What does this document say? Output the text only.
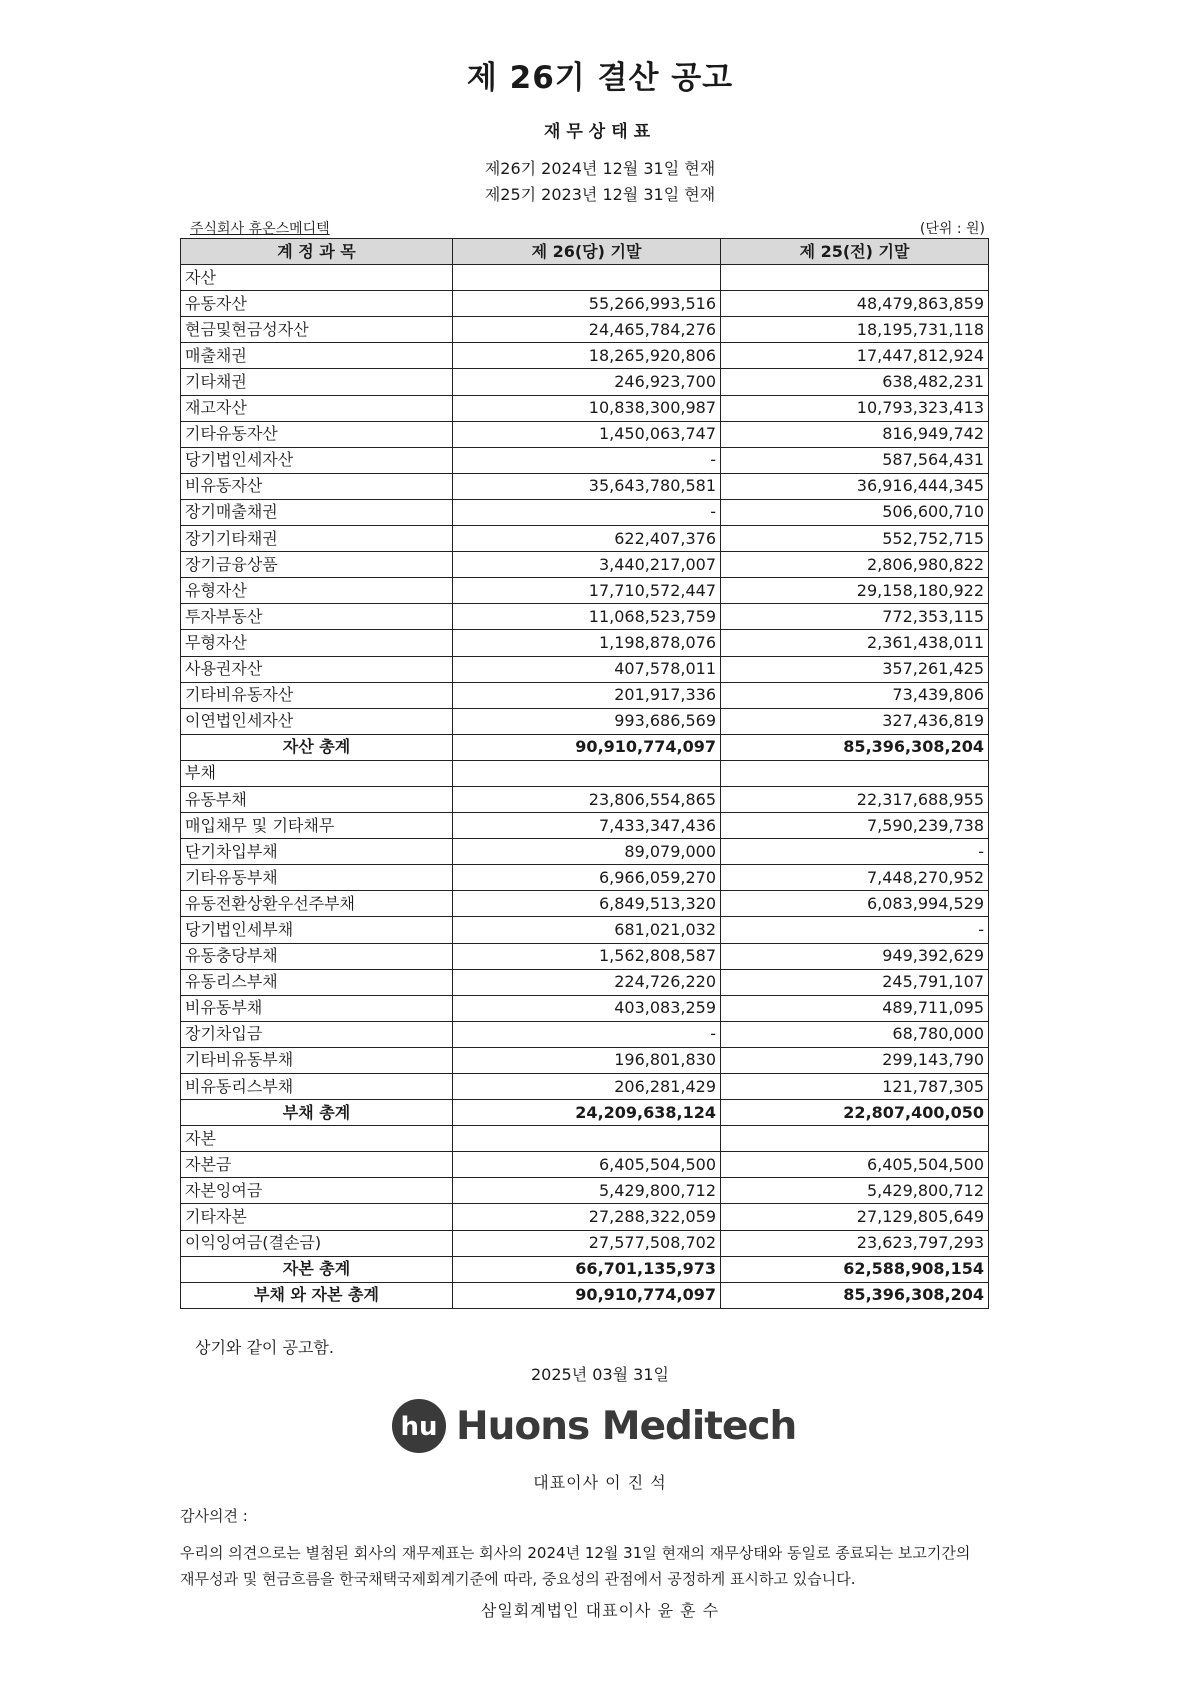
제 26기 결산 공고
재무상태표
제26기 2024년 12월 31일 현재
제25기 2023년 12월 31일 현재
주식회사 휴온스메디텍	(단위 : 원)
계 정 과 목	제 26(당) 기말	제 25(전) 기말
자산		
유동자산	55,266,993,516	48,479,863,859
현금및현금성자산	24,465,784,276	18,195,731,118
매출채권	18,265,920,806	17,447,812,924
기타채권	246,923,700	638,482,231
재고자산	10,838,300,987	10,793,323,413
기타유동자산	1,450,063,747	816,949,742
당기법인세자산	-	587,564,431
비유동자산	35,643,780,581	36,916,444,345
장기매출채권	-	506,600,710
장기기타채권	622,407,376	552,752,715
장기금융상품	3,440,217,007	2,806,980,822
유형자산	17,710,572,447	29,158,180,922
투자부동산	11,068,523,759	772,353,115
무형자산	1,198,878,076	2,361,438,011
사용권자산	407,578,011	357,261,425
기타비유동자산	201,917,336	73,439,806
이연법인세자산	993,686,569	327,436,819
자산 총계	90,910,774,097	85,396,308,204
부채		
유동부채	23,806,554,865	22,317,688,955
매입채무 및 기타채무	7,433,347,436	7,590,239,738
단기차입부채	89,079,000	-
기타유동부채	6,966,059,270	7,448,270,952
유동전환상환우선주부채	6,849,513,320	6,083,994,529
당기법인세부채	681,021,032	-
유동충당부채	1,562,808,587	949,392,629
유동리스부채	224,726,220	245,791,107
비유동부채	403,083,259	489,711,095
장기차입금	-	68,780,000
기타비유동부채	196,801,830	299,143,790
비유동리스부채	206,281,429	121,787,305
부채 총계	24,209,638,124	22,807,400,050
자본		
자본금	6,405,504,500	6,405,504,500
자본잉여금	5,429,800,712	5,429,800,712
기타자본	27,288,322,059	27,129,805,649
이익잉여금(결손금)	27,577,508,702	23,623,797,293
자본 총계	66,701,135,973	62,588,908,154
부채 와 자본 총계	90,910,774,097	85,396,308,204
상기와 같이 공고함.
2025년 03월 31일
hu Huons Meditech
대표이사 이 진 석
감사의견 :
우리의 의견으로는 별첨된 회사의 재무제표는 회사의 2024년 12월 31일 현재의 재무상태와 동일로 종료되는 보고기간의 재무성과 및 현금흐름을 한국채택국제회계기준에 따라, 중요성의 관점에서 공정하게 표시하고 있습니다.
삼일회계법인 대표이사 윤 훈 수
